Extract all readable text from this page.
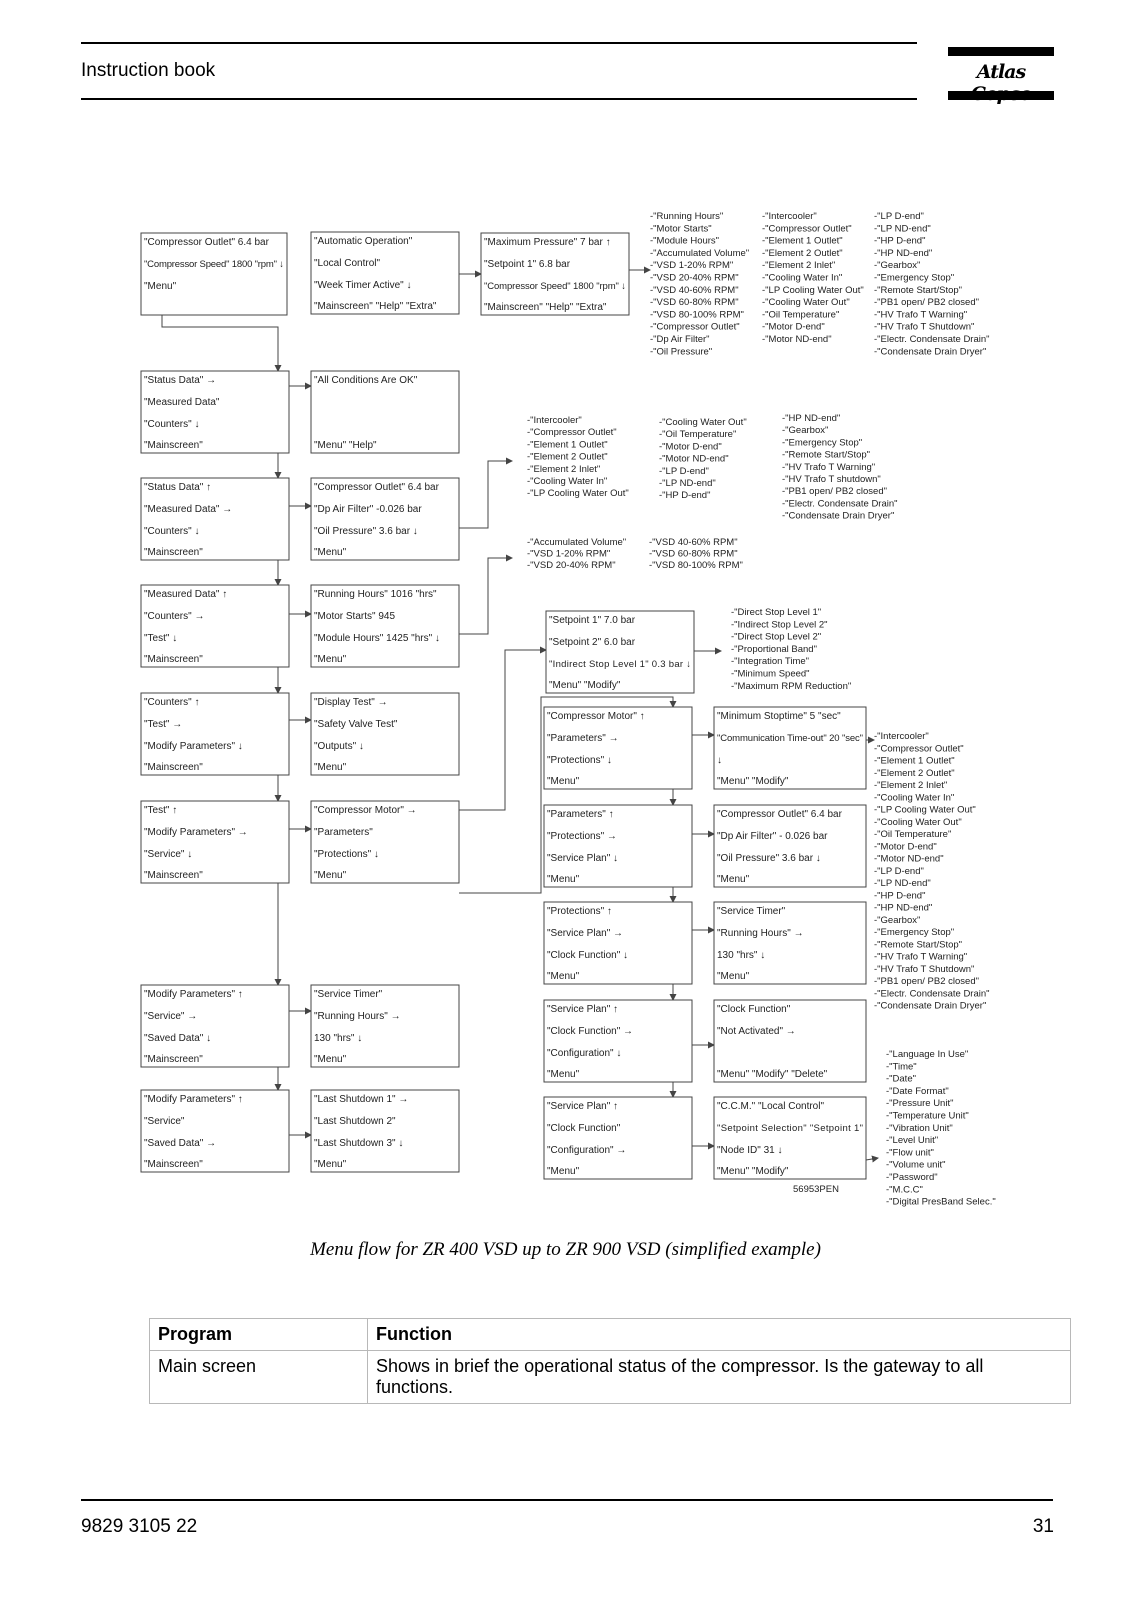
Instruction book	Atlas
"Compressor Outlet" 6.4 bar
"Compressor Speed" 1800 "rpm" ↓
"Menu"
"Automatic Operation"
"Local Control"
"Week Timer Active" ↓
"Mainscreen" "Help" "Extra"
"Maximum Pressure" 7 bar ↑
"Setpoint 1" 6.8 bar
"Compressor Speed" 1800 "rpm" ↓
"Mainscreen" "Help" "Extra"
"Status Data" →
"Measured Data"
"Counters" ↓
"Mainscreen"
"All Conditions Are OK"
"Menu" "Help"
"Status Data" ↑
"Measured Data" →
"Counters" ↓
"Mainscreen"
"Compressor Outlet" 6.4 bar
"Dp Air Filter" -0.026 bar
"Oil Pressure" 3.6 bar ↓
"Menu"
"Measured Data" ↑
"Counters" →
"Test" ↓
"Mainscreen"
"Running Hours" 1016 "hrs"
"Motor Starts" 945
"Module Hours" 1425 "hrs" ↓
"Menu"
"Counters" ↑
"Test" →
"Modify Parameters" ↓
"Mainscreen"
"Display Test" →
"Safety Valve Test"
"Outputs" ↓
"Menu"
"Test" ↑
"Modify Parameters" →
"Service" ↓
"Mainscreen"
"Compressor Motor" →
"Parameters"
"Protections" ↓
"Menu"
"Modify Parameters" ↑
"Service" →
"Saved Data" ↓
"Mainscreen"
"Service Timer"
"Running Hours" →
130 "hrs" ↓
"Menu"
"Modify Parameters" ↑
"Service"
"Saved Data" →
"Mainscreen"
"Last Shutdown 1" →
"Last Shutdown 2"
"Last Shutdown 3" ↓
"Menu"
"Setpoint 1" 7.0 bar
"Setpoint 2" 6.0 bar
"Indirect Stop Level 1" 0.3 bar ↓
"Menu" "Modify"
"Compressor Motor" ↑
"Parameters" →
"Protections" ↓
"Menu"
"Minimum Stoptime" 5 "sec"
"Communication Time-out" 20 "sec"
↓
"Menu" "Modify"
"Parameters" ↑
"Protections" →
"Service Plan" ↓
"Menu"
"Compressor Outlet" 6.4 bar
"Dp Air Filter" - 0.026 bar
"Oil Pressure" 3.6 bar ↓
"Menu"
"Protections" ↑
"Service Plan" →
"Clock Function" ↓
"Menu"
"Service Timer"
"Running Hours" →
130 "hrs" ↓
"Menu"
"Service Plan" ↑
"Clock Function" →
"Configuration" ↓
"Menu"
"Clock Function"
"Not Activated" →
"Menu" "Modify" "Delete"
"Service Plan" ↑
"Clock Function"
"Configuration" →
"Menu"
"C.C.M." "Local Control"
"Setpoint Selection" "Setpoint 1"
"Node ID" 31 ↓
"Menu" "Modify"
-"Running Hours"
-"Motor Starts"
-"Module Hours"
-"Accumulated Volume"
-"VSD 1-20% RPM"
-"VSD 20-40% RPM"
-"VSD 40-60% RPM"
-"VSD 60-80% RPM"
-"VSD 80-100% RPM"
-"Compressor Outlet"
-"Dp Air Filter"
-"Oil Pressure"
-"Intercooler"
-"Compressor Outlet"
-"Element 1 Outlet"
-"Element 2 Outlet"
-"Element 2 Inlet"
-"Cooling Water In"
-"LP Cooling Water Out"
-"Cooling Water Out"
-"Oil Temperature"
-"Motor D-end"
-"Motor ND-end"
-"LP D-end"
-"LP ND-end"
-"HP D-end"
-"HP ND-end"
-"Gearbox"
-"Emergency Stop"
-"Remote Start/Stop"
-"PB1 open/ PB2 closed"
-"HV Trafo T Warning"
-"HV Trafo T Shutdown"
-"Electr. Condensate Drain"
-"Condensate Drain Dryer"
-"Intercooler"
-"Compressor Outlet"
-"Element 1 Outlet"
-"Element 2 Outlet"
-"Element 2 Inlet"
-"Cooling Water In"
-"LP Cooling Water Out"
-"Cooling Water Out"
-"Oil Temperature"
-"Motor D-end"
-"Motor ND-end"
-"LP D-end"
-"LP ND-end"
-"HP D-end"
-"HP ND-end"
-"Gearbox"
-"Emergency Stop"
-"Remote Start/Stop"
-"HV Trafo T Warning"
-"HV Trafo T shutdown"
-"PB1 open/ PB2 closed"
-"Electr. Condensate Drain"
-"Condensate Drain Dryer"
-"Accumulated Volume"
-"VSD 1-20% RPM"
-"VSD 20-40% RPM"
-"VSD 40-60% RPM"
-"VSD 60-80% RPM"
-"VSD 80-100% RPM"
-"Direct Stop Level 1"
-"Indirect Stop Level 2"
-"Direct Stop Level 2"
-"Proportional Band"
-"Integration Time"
-"Minimum Speed"
-"Maximum RPM Reduction"
-"Intercooler"
-"Compressor Outlet"
-"Element 1 Outlet"
-"Element 2 Outlet"
-"Element 2 Inlet"
-"Cooling Water In"
-"LP Cooling Water Out"
-"Cooling Water Out"
-"Oil Temperature"
-"Motor D-end"
-"Motor ND-end"
-"LP D-end"
-"LP ND-end"
-"HP D-end"
-"HP ND-end"
-"Gearbox"
-"Emergency Stop"
-"Remote Start/Stop"
-"HV Trafo T Warning"
-"HV Trafo T Shutdown"
-"PB1 open/ PB2 closed"
-"Electr. Condensate Drain"
-"Condensate Drain Dryer"
-"Language In Use"
-"Time"
-"Date"
-"Date Format"
-"Pressure Unit"
-"Temperature Unit"
-"Vibration Unit"
-"Level Unit"
-"Flow unit"
-"Volume unit"
-"Password"
-"M.C.C"
-"Digital PresBand Selec."
56953PEN
Menu flow for ZR 400 VSD up to ZR 900 VSD (simplified example)
Program	Function
Main screen	Shows in brief the operational status of the compressor. Is the gateway to all functions.
9829 3105 22	31
